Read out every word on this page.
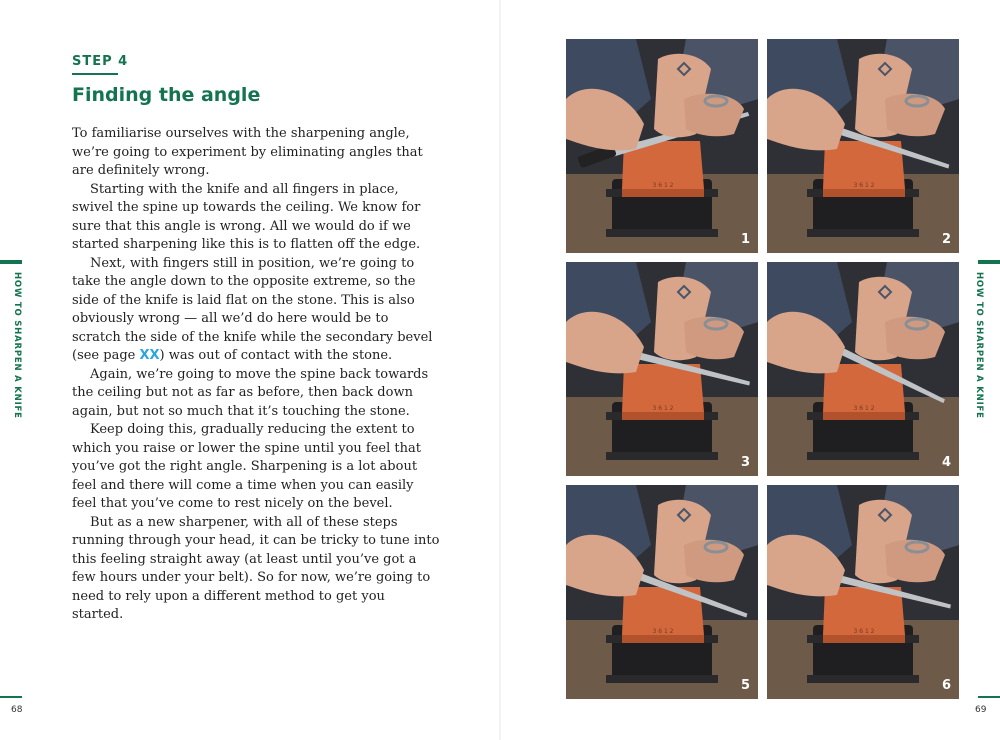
STEP 4
Finding the angle

To familiarise ourselves with the sharpening angle, we’re going to experiment by eliminating angles that are definitely wrong.

Starting with the knife and all fingers in place, swivel the spine up towards the ceiling. We know for sure that this angle is wrong. All we would do if we started sharpening like this is to flatten off the edge.

Next, with fingers still in position, we’re going to take the angle down to the opposite extreme, so the side of the knife is laid flat on the stone. This is also obviously wrong — all we’d do here would be to scratch the side of the knife while the secondary bevel (see page XX) was out of contact with the stone.

Again, we’re going to move the spine back towards the ceiling but not as far as before, then back down again, but not so much that it’s touching the stone.

Keep doing this, gradually reducing the extent to which you raise or lower the spine until you feel that you’ve got the right angle. Sharpening is a lot about feel and there will come a time when you can easily feel that you’ve come to rest nicely on the bevel.

But as a new sharpener, with all of these steps running through your head, it can be tricky to tune into this feeling straight away (at least until you’ve got a few hours under your belt). So for now, we’re going to need to rely upon a different method to get you started.

HOW TO SHARPEN A KNIFE
68
3 6 1 2
1
3 6 1 2
2
3 6 1 2
3
3 6 1 2
4
3 6 1 2
5
3 6 1 2
6
HOW TO SHARPEN A KNIFE
69
